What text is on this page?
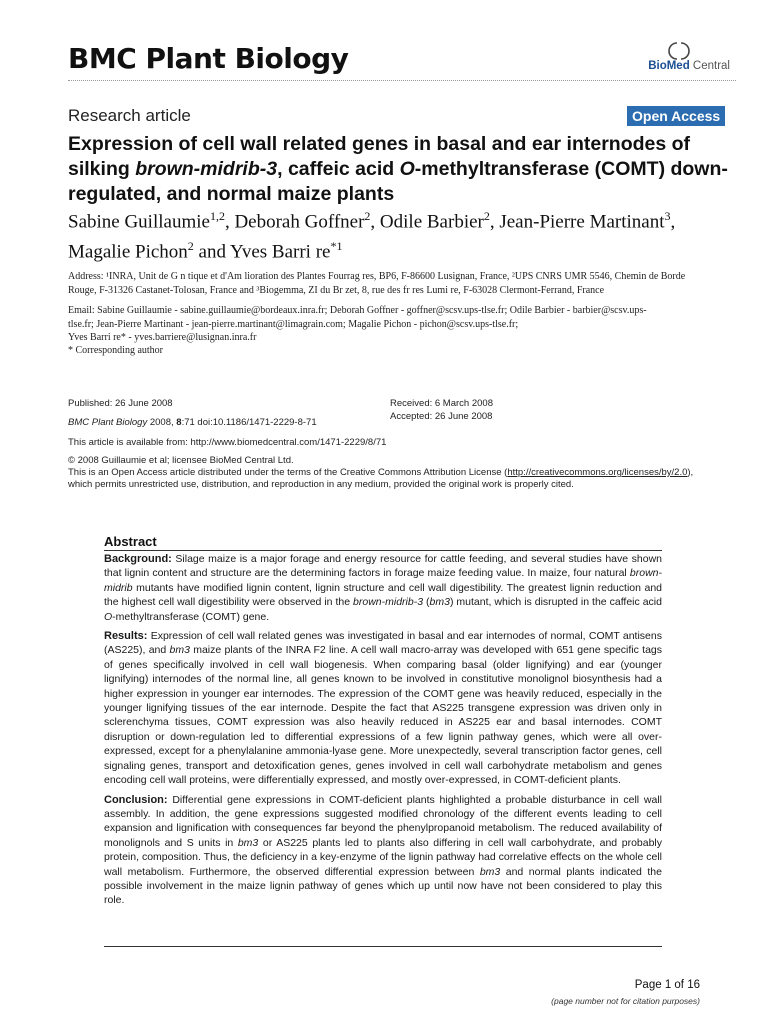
BMC Plant Biology	BioMed Central
Research article	Open Access
Expression of cell wall related genes in basal and ear internodes of silking brown-midrib-3, caffeic acid O-methyltransferase (COMT) down-regulated, and normal maize plants

Sabine Guillaumie$^{1,2}$, Deborah Goffner$^2$, Odile Barbier$^2$, Jean-Pierre Martinant$^3$, Magalie Pichon$^2$ and Yves Barri $re^{*1}$

Address: ¹INRA, Unit de G n tique et d'Am lioration des Plantes Fourrag res, BP6, F-86600 Lusignan, France, ²UPS CNRS UMR 5546, Chemin de Borde Rouge, F-31326 Castanet-Tolosan, France and ³Biogemma, ZI du Br zet, 8, rue des fr res Lumi re, F-63028 Clermont-Ferrand, France

Email: Sabine Guillaumie - sabine.guillaumie@bordeaux.inra.fr; Deborah Goffner - goffner@scsv.ups-tlse.fr; Odile Barbier - barbier@scsv.ups-
tlse.fr; Jean-Pierre Martinant - jean-pierre.martinant@limagrain.com; Magalie Pichon - pichon@scsv.ups-tlse.fr;
Yves Barri re* - yves.barriere@lusignan.inra.fr

* Corresponding author

Published: 26 June 2008	Received: 6 March 2008
Accepted: 26 June 2008
BMC Plant Biology 2008, 8:71 doi:10.1186/1471-2229-8-71
This article is available from: http://www.biomedcentral.com/1471-2229/8/71
© 2008 Guillaumie et al; licensee BioMed Central Ltd.
This is an Open Access article distributed under the terms of the Creative Commons Attribution License (http://creativecommons.org/licenses/by/2.0),
which permits unrestricted use, distribution, and reproduction in any medium, provided the original work is properly cited.
Abstract

Background: Silage maize is a major forage and energy resource for cattle feeding, and several studies have shown that lignin content and structure are the determining factors in forage maize feeding value. In maize, four natural brown-midrib mutants have modified lignin content, lignin structure and cell wall digestibility. The greatest lignin reduction and the highest cell wall digestibility were observed in the brown-midrib-3 (bm3) mutant, which is disrupted in the caffeic acid O-methyltransferase (COMT) gene.

Results: Expression of cell wall related genes was investigated in basal and ear internodes of normal, COMT antisens (AS225), and bm3 maize plants of the INRA F2 line. A cell wall macro-array was developed with 651 gene specific tags of genes specifically involved in cell wall biogenesis. When comparing basal (older lignifying) and ear (younger lignifying) internodes of the normal line, all genes known to be involved in constitutive monolignol biosynthesis had a higher expression in younger ear internodes. The expression of the COMT gene was heavily reduced, especially in the younger lignifying tissues of the ear internode. Despite the fact that AS225 transgene expression was driven only in sclerenchyma tissues, COMT expression was also heavily reduced in AS225 ear and basal internodes. COMT disruption or down-regulation led to differential expressions of a few lignin pathway genes, which were all over-expressed, except for a phenylalanine ammonia-lyase gene. More unexpectedly, several transcription factor genes, cell signaling genes, transport and detoxification genes, genes involved in cell wall carbohydrate metabolism and genes encoding cell wall proteins, were differentially expressed, and mostly over-expressed, in COMT-deficient plants.

Conclusion: Differential gene expressions in COMT-deficient plants highlighted a probable disturbance in cell wall assembly. In addition, the gene expressions suggested modified chronology of the different events leading to cell expansion and lignification with consequences far beyond the phenylpropanoid metabolism. The reduced availability of monolignols and S units in bm3 or AS225 plants led to plants also differing in cell wall carbohydrate, and probably protein, composition. Thus, the deficiency in a key-enzyme of the lignin pathway had correlative effects on the whole cell wall metabolism. Furthermore, the observed differential expression between bm3 and normal plants indicated the possible involvement in the maize lignin pathway of genes which up until now have not been considered to play this role.

Page 1 of 16
(page number not for citation purposes)
